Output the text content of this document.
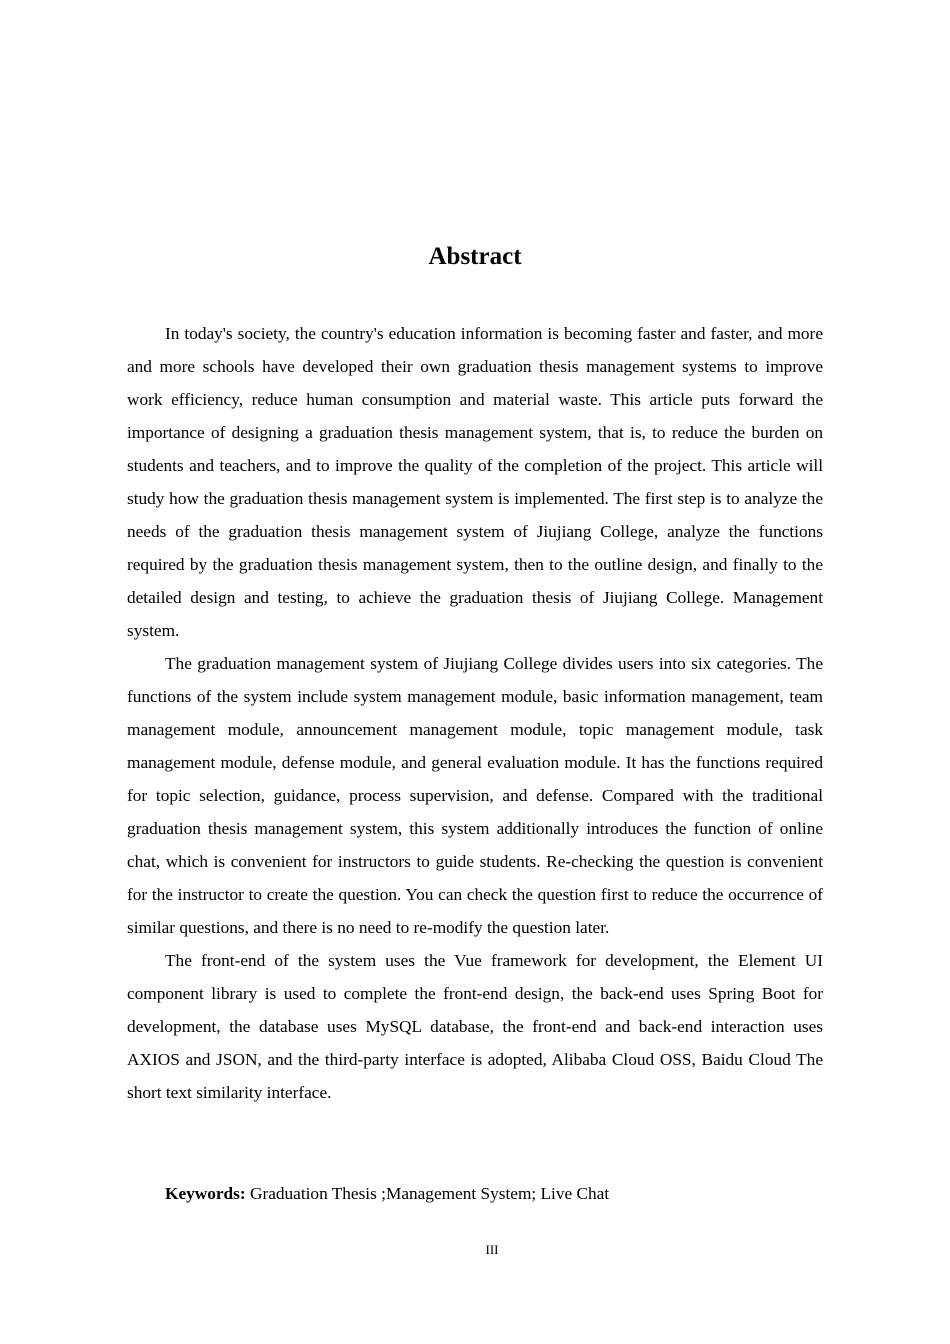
Abstract

In today's society, the country's education information is becoming faster and faster, and more and more schools have developed their own graduation thesis management systems to improve work efficiency, reduce human consumption and material waste. This article puts forward the importance of designing a graduation thesis management system, that is, to reduce the burden on students and teachers, and to improve the quality of the completion of the project. This article will study how the graduation thesis management system is implemented. The first step is to analyze the needs of the graduation thesis management system of Jiujiang College, analyze the functions required by the graduation thesis management system, then to the outline design, and finally to the detailed design and testing, to achieve the graduation thesis of Jiujiang College. Management system.

The graduation management system of Jiujiang College divides users into six categories. The functions of the system include system management module, basic information management, team management module, announcement management module, topic management module, task management module, defense module, and general evaluation module. It has the functions required for topic selection, guidance, process supervision, and defense. Compared with the traditional graduation thesis management system, this system additionally introduces the function of online chat, which is convenient for instructors to guide students. Re-checking the question is convenient for the instructor to create the question. You can check the question first to reduce the occurrence of similar questions, and there is no need to re-modify the question later.

The front-end of the system uses the Vue framework for development, the Element UI component library is used to complete the front-end design, the back-end uses Spring Boot for development, the database uses MySQL database, the front-end and back-end interaction uses AXIOS and JSON, and the third-party interface is adopted, Alibaba Cloud OSS, Baidu Cloud The short text similarity interface.

Keywords: Graduation Thesis ;Management System; Live Chat

III
